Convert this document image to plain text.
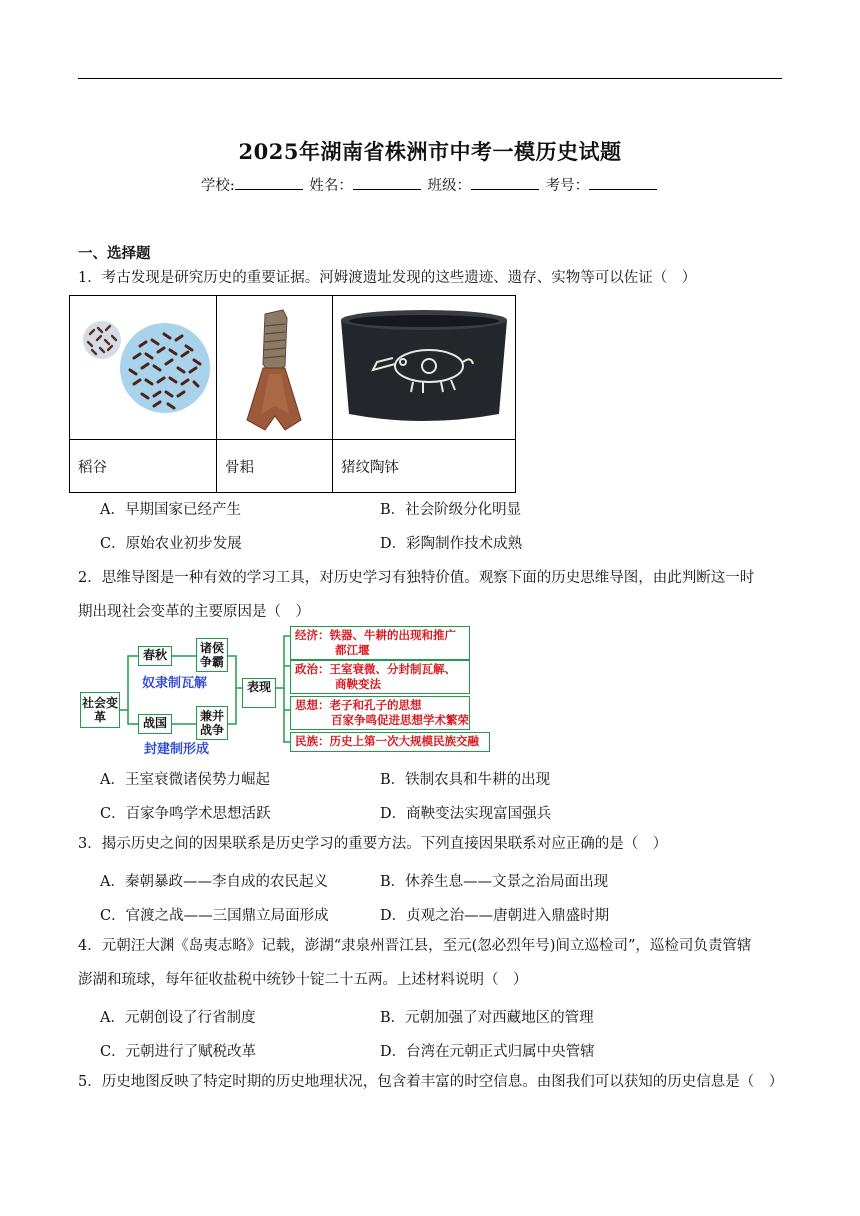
2025年湖南省株洲市中考一模历史试题
学校:	姓名：	班级：	考号：
一、选择题
1．考古发现是研究历史的重要证据。河姆渡遗址发现的这些遗迹、遗存、实物等可以佐证（　）

稻谷	骨耜	猪纹陶钵
A．早期国家已经产生	B．社会阶级分化明显
C．原始农业初步发展	D．彩陶制作技术成熟
2．思维导图是一种有效的学习工具，对历史学习有独特价值。观察下面的历史思维导图，由此判断这一时
期出现社会变革的主要原因是（　）
社会变革
春秋	诸侯争霸
奴隶制瓦解
战国	兼并战争
封建制形成
表现
经济：铁器、牛耕的出现和推广
都江堰
政治：王室衰微、分封制瓦解、
商鞅变法
思想：老子和孔子的思想
百家争鸣促进思想学术繁荣
民族：历史上第一次大规模民族交融
A．王室衰微诸侯势力崛起	B．铁制农具和牛耕的出现
C．百家争鸣学术思想活跃	D．商鞅变法实现富国强兵
3．揭示历史之间的因果联系是历史学习的重要方法。下列直接因果联系对应正确的是（　）
A．秦朝暴政——李自成的农民起义	B．休养生息——文景之治局面出现
C．官渡之战——三国鼎立局面形成	D．贞观之治——唐朝进入鼎盛时期
4．元朝汪大渊《岛夷志略》记载，澎湖“隶泉州晋江县，至元(忽必烈年号)间立巡检司”，巡检司负责管辖
澎湖和琉球，每年征收盐税中统钞十锭二十五两。上述材料说明（　）
A．元朝创设了行省制度	B．元朝加强了对西藏地区的管理
C．元朝进行了赋税改革	D．台湾在元朝正式归属中央管辖
5．历史地图反映了特定时期的历史地理状况，包含着丰富的时空信息。由图我们可以获知的历史信息是（　）
